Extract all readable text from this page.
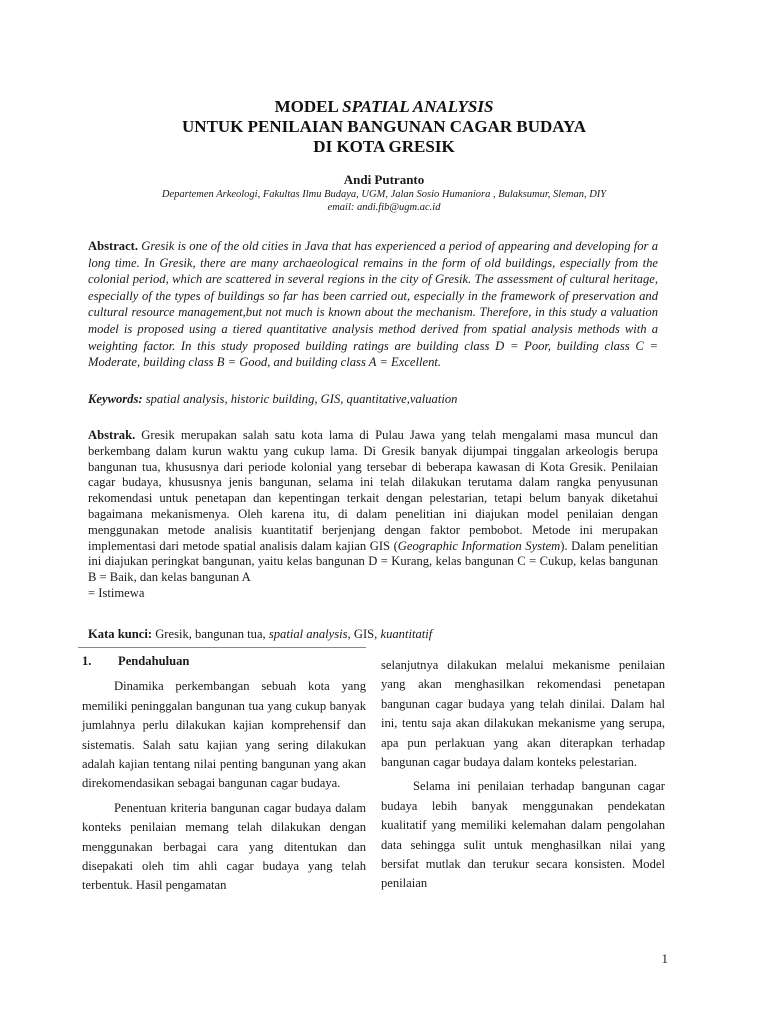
MODEL SPATIAL ANALYSIS
UNTUK PENILAIAN BANGUNAN CAGAR BUDAYA
DI KOTA GRESIK
Andi Putranto
Departemen Arkeologi, Fakultas Ilmu Budaya, UGM, Jalan Sosio Humaniora , Bulaksumur, Sleman, DIY
email: andi.fib@ugm.ac.id

Abstract. Gresik is one of the old cities in Java that has experienced a period of appearing and developing for a long time. In Gresik, there are many archaeological remains in the form of old buildings, especially from the colonial period, which are scattered in several regions in the city of Gresik. The assessment of cultural heritage, especially of the types of buildings so far has been carried out, especially in the framework of preservation and cultural resource management,but not much is known about the mechanism. Therefore, in this study a valuation model is proposed using a tiered quantitative analysis method derived from spatial analysis methods with a weighting factor. In this study proposed building ratings are building class D = Poor, building class C = Moderate, building class B = Good, and building class A = Excellent.

Keywords: spatial analysis, historic building, GIS, quantitative,valuation

Abstrak. Gresik merupakan salah satu kota lama di Pulau Jawa yang telah mengalami masa muncul dan berkembang dalam kurun waktu yang cukup lama. Di Gresik banyak dijumpai tinggalan arkeologis berupa bangunan tua, khususnya dari periode kolonial yang tersebar di beberapa kawasan di Kota Gresik. Penilaian cagar budaya, khususnya jenis bangunan, selama ini telah dilakukan terutama dalam rangka penyusunan rekomendasi untuk penetapan dan kepentingan terkait dengan pelestarian, tetapi belum banyak diketahui bagaimana mekanismenya. Oleh karena itu, di dalam penelitian ini diajukan model penilaian dengan menggunakan metode analisis kuantitatif berjenjang dengan faktor pembobot. Metode ini merupakan implementasi dari metode spatial analisis dalam kajian GIS (Geographic Information System). Dalam penelitian ini diajukan peringkat bangunan, yaitu kelas bangunan D = Kurang, kelas bangunan C = Cukup, kelas bangunan B = Baik, dan kelas bangunan A
= Istimewa

Kata kunci: Gresik, bangunan tua, spatial analysis, GIS, kuantitatif

1.	Pendahuluan

Dinamika perkembangan sebuah kota yang memiliki peninggalan bangunan tua yang cukup banyak jumlahnya perlu dilakukan kajian komprehensif dan sistematis. Salah satu kajian yang sering dilakukan adalah kajian tentang nilai penting bangunan yang akan direkomendasikan sebagai bangunan cagar budaya.

Penentuan kriteria bangunan cagar budaya dalam konteks penilaian memang telah dilakukan dengan menggunakan berbagai cara yang ditentukan dan disepakati oleh tim ahli cagar budaya yang telah terbentuk. Hasil pengamatan

selanjutnya dilakukan melalui mekanisme penilaian yang akan menghasilkan rekomendasi penetapan bangunan cagar budaya yang telah dinilai. Dalam hal ini, tentu saja akan dilakukan mekanisme yang serupa, apa pun perlakuan yang akan diterapkan terhadap bangunan cagar budaya dalam konteks pelestarian.

Selama ini penilaian terhadap bangunan cagar budaya lebih banyak menggunakan pendekatan kualitatif yang memiliki kelemahan dalam pengolahan data sehingga sulit untuk menghasilkan nilai yang bersifat mutlak dan terukur secara konsisten. Model penilaian

1
